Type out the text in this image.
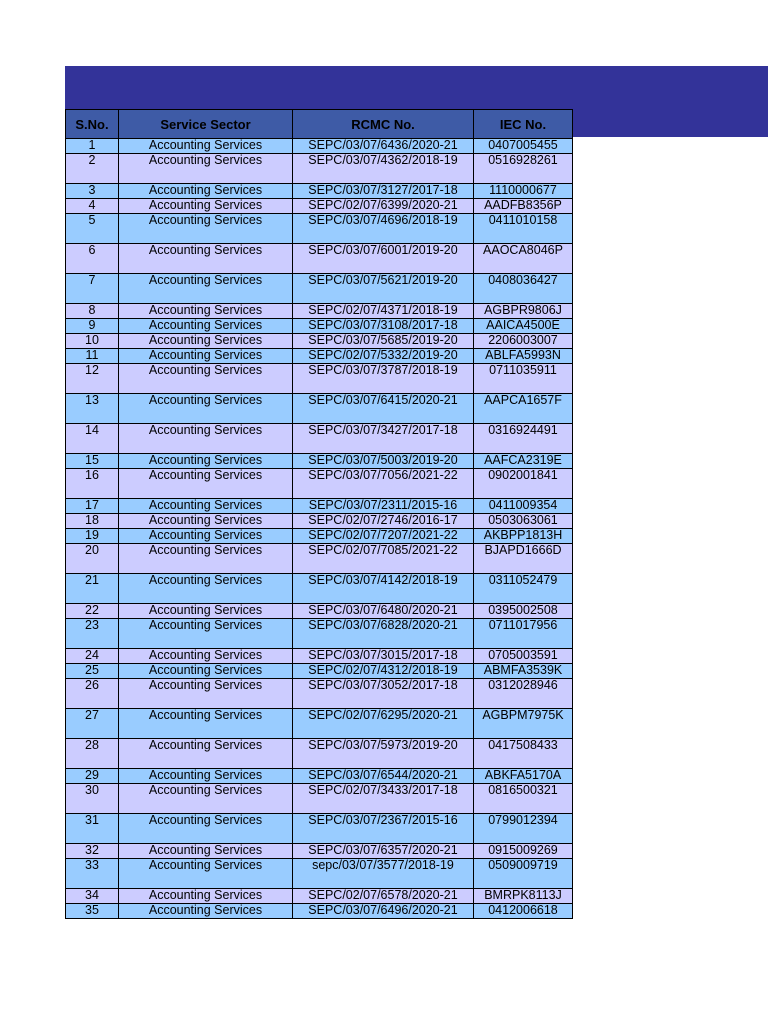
S.No.	Service Sector	RCMC No.	IEC No.
1	Accounting Services	SEPC/03/07/6436/2020-21	0407005455
2	Accounting Services	SEPC/03/07/4362/2018-19	0516928261
3	Accounting Services	SEPC/03/07/3127/2017-18	1110000677
4	Accounting Services	SEPC/02/07/6399/2020-21	AADFB8356P
5	Accounting Services	SEPC/03/07/4696/2018-19	0411010158
6	Accounting Services	SEPC/03/07/6001/2019-20	AAOCA8046P
7	Accounting Services	SEPC/03/07/5621/2019-20	0408036427
8	Accounting Services	SEPC/02/07/4371/2018-19	AGBPR9806J
9	Accounting Services	SEPC/03/07/3108/2017-18	AAICA4500E
10	Accounting Services	SEPC/03/07/5685/2019-20	2206003007
11	Accounting Services	SEPC/02/07/5332/2019-20	ABLFA5993N
12	Accounting Services	SEPC/03/07/3787/2018-19	0711035911
13	Accounting Services	SEPC/03/07/6415/2020-21	AAPCA1657F
14	Accounting Services	SEPC/03/07/3427/2017-18	0316924491
15	Accounting Services	SEPC/03/07/5003/2019-20	AAFCA2319E
16	Accounting Services	SEPC/03/07/7056/2021-22	0902001841
17	Accounting Services	SEPC/03/07/2311/2015-16	0411009354
18	Accounting Services	SEPC/02/07/2746/2016-17	0503063061
19	Accounting Services	SEPC/02/07/7207/2021-22	AKBPP1813H
20	Accounting Services	SEPC/02/07/7085/2021-22	BJAPD1666D
21	Accounting Services	SEPC/03/07/4142/2018-19	0311052479
22	Accounting Services	SEPC/03/07/6480/2020-21	0395002508
23	Accounting Services	SEPC/03/07/6828/2020-21	0711017956
24	Accounting Services	SEPC/03/07/3015/2017-18	0705003591
25	Accounting Services	SEPC/02/07/4312/2018-19	ABMFA3539K
26	Accounting Services	SEPC/03/07/3052/2017-18	0312028946
27	Accounting Services	SEPC/02/07/6295/2020-21	AGBPM7975K
28	Accounting Services	SEPC/03/07/5973/2019-20	0417508433
29	Accounting Services	SEPC/03/07/6544/2020-21	ABKFA5170A
30	Accounting Services	SEPC/02/07/3433/2017-18	0816500321
31	Accounting Services	SEPC/03/07/2367/2015-16	0799012394
32	Accounting Services	SEPC/03/07/6357/2020-21	0915009269
33	Accounting Services	sepc/03/07/3577/2018-19	0509009719
34	Accounting Services	SEPC/02/07/6578/2020-21	BMRPK8113J
35	Accounting Services	SEPC/03/07/6496/2020-21	0412006618
